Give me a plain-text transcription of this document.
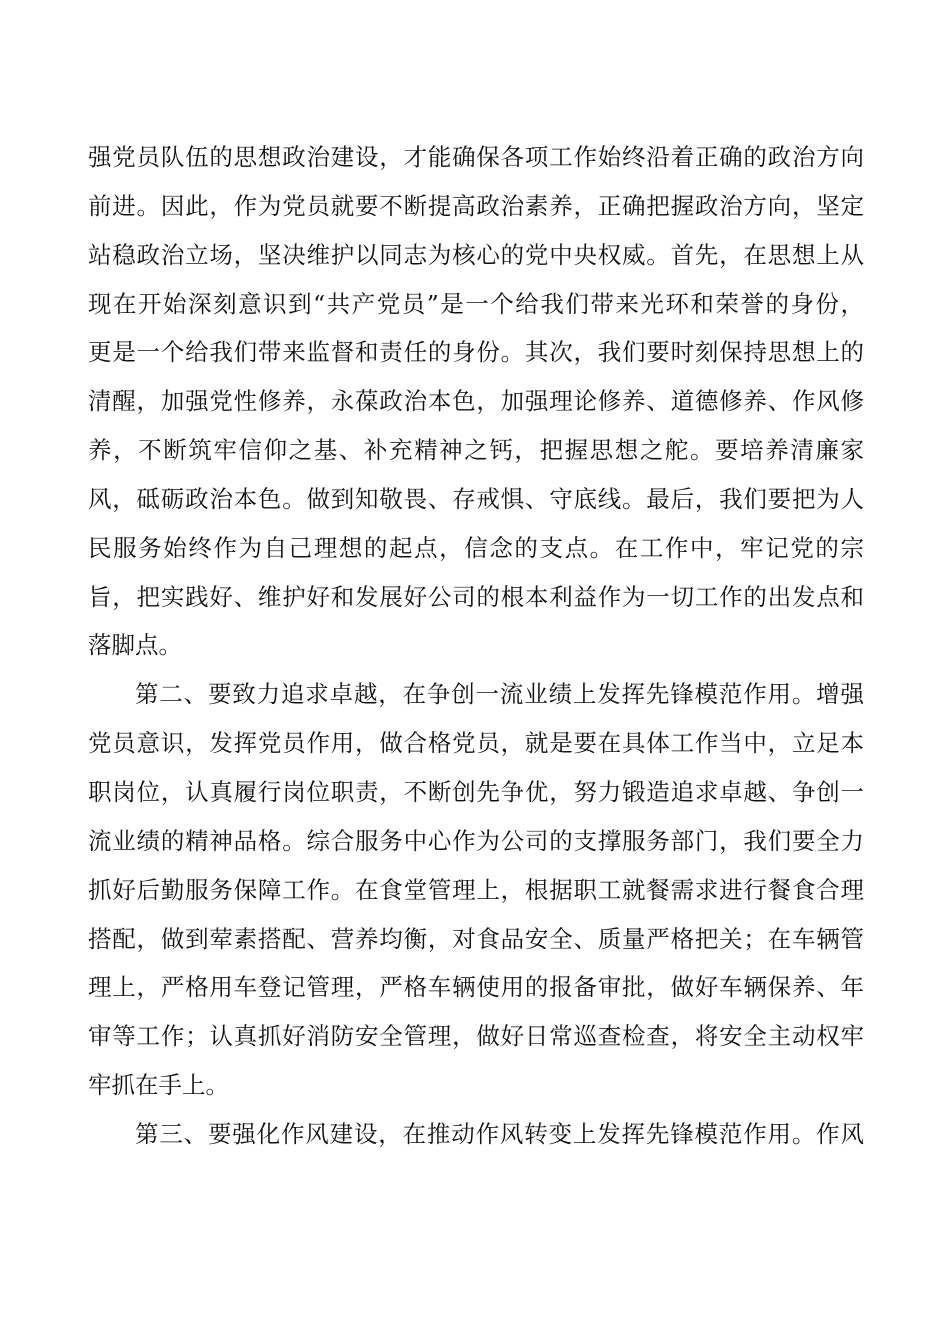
强党员队伍的思想政治建设，才能确保各项工作始终沿着正确的政治方向
前进。因此，作为党员就要不断提高政治素养，正确把握政治方向，坚定
站稳政治立场，坚决维护以同志为核心的党中央权威。首先，在思想上从
现在开始深刻意识到“共产党员”是一个给我们带来光环和荣誉的身份，
更是一个给我们带来监督和责任的身份。其次，我们要时刻保持思想上的
清醒，加强党性修养，永葆政治本色，加强理论修养、道德修养、作风修
养，不断筑牢信仰之基、补充精神之钙，把握思想之舵。要培养清廉家
风，砥砺政治本色。做到知敬畏、存戒惧、守底线。最后，我们要把为人
民服务始终作为自己理想的起点，信念的支点。在工作中，牢记党的宗
旨，把实践好、维护好和发展好公司的根本利益作为一切工作的出发点和
落脚点。
第二、要致力追求卓越，在争创一流业绩上发挥先锋模范作用。增强
党员意识，发挥党员作用，做合格党员，就是要在具体工作当中，立足本
职岗位，认真履行岗位职责，不断创先争优，努力锻造追求卓越、争创一
流业绩的精神品格。综合服务中心作为公司的支撑服务部门，我们要全力
抓好后勤服务保障工作。在食堂管理上，根据职工就餐需求进行餐食合理
搭配，做到荤素搭配、营养均衡，对食品安全、质量严格把关；在车辆管
理上，严格用车登记管理，严格车辆使用的报备审批，做好车辆保养、年
审等工作；认真抓好消防安全管理，做好日常巡查检查，将安全主动权牢
牢抓在手上。
第三、要强化作风建设，在推动作风转变上发挥先锋模范作用。作风
